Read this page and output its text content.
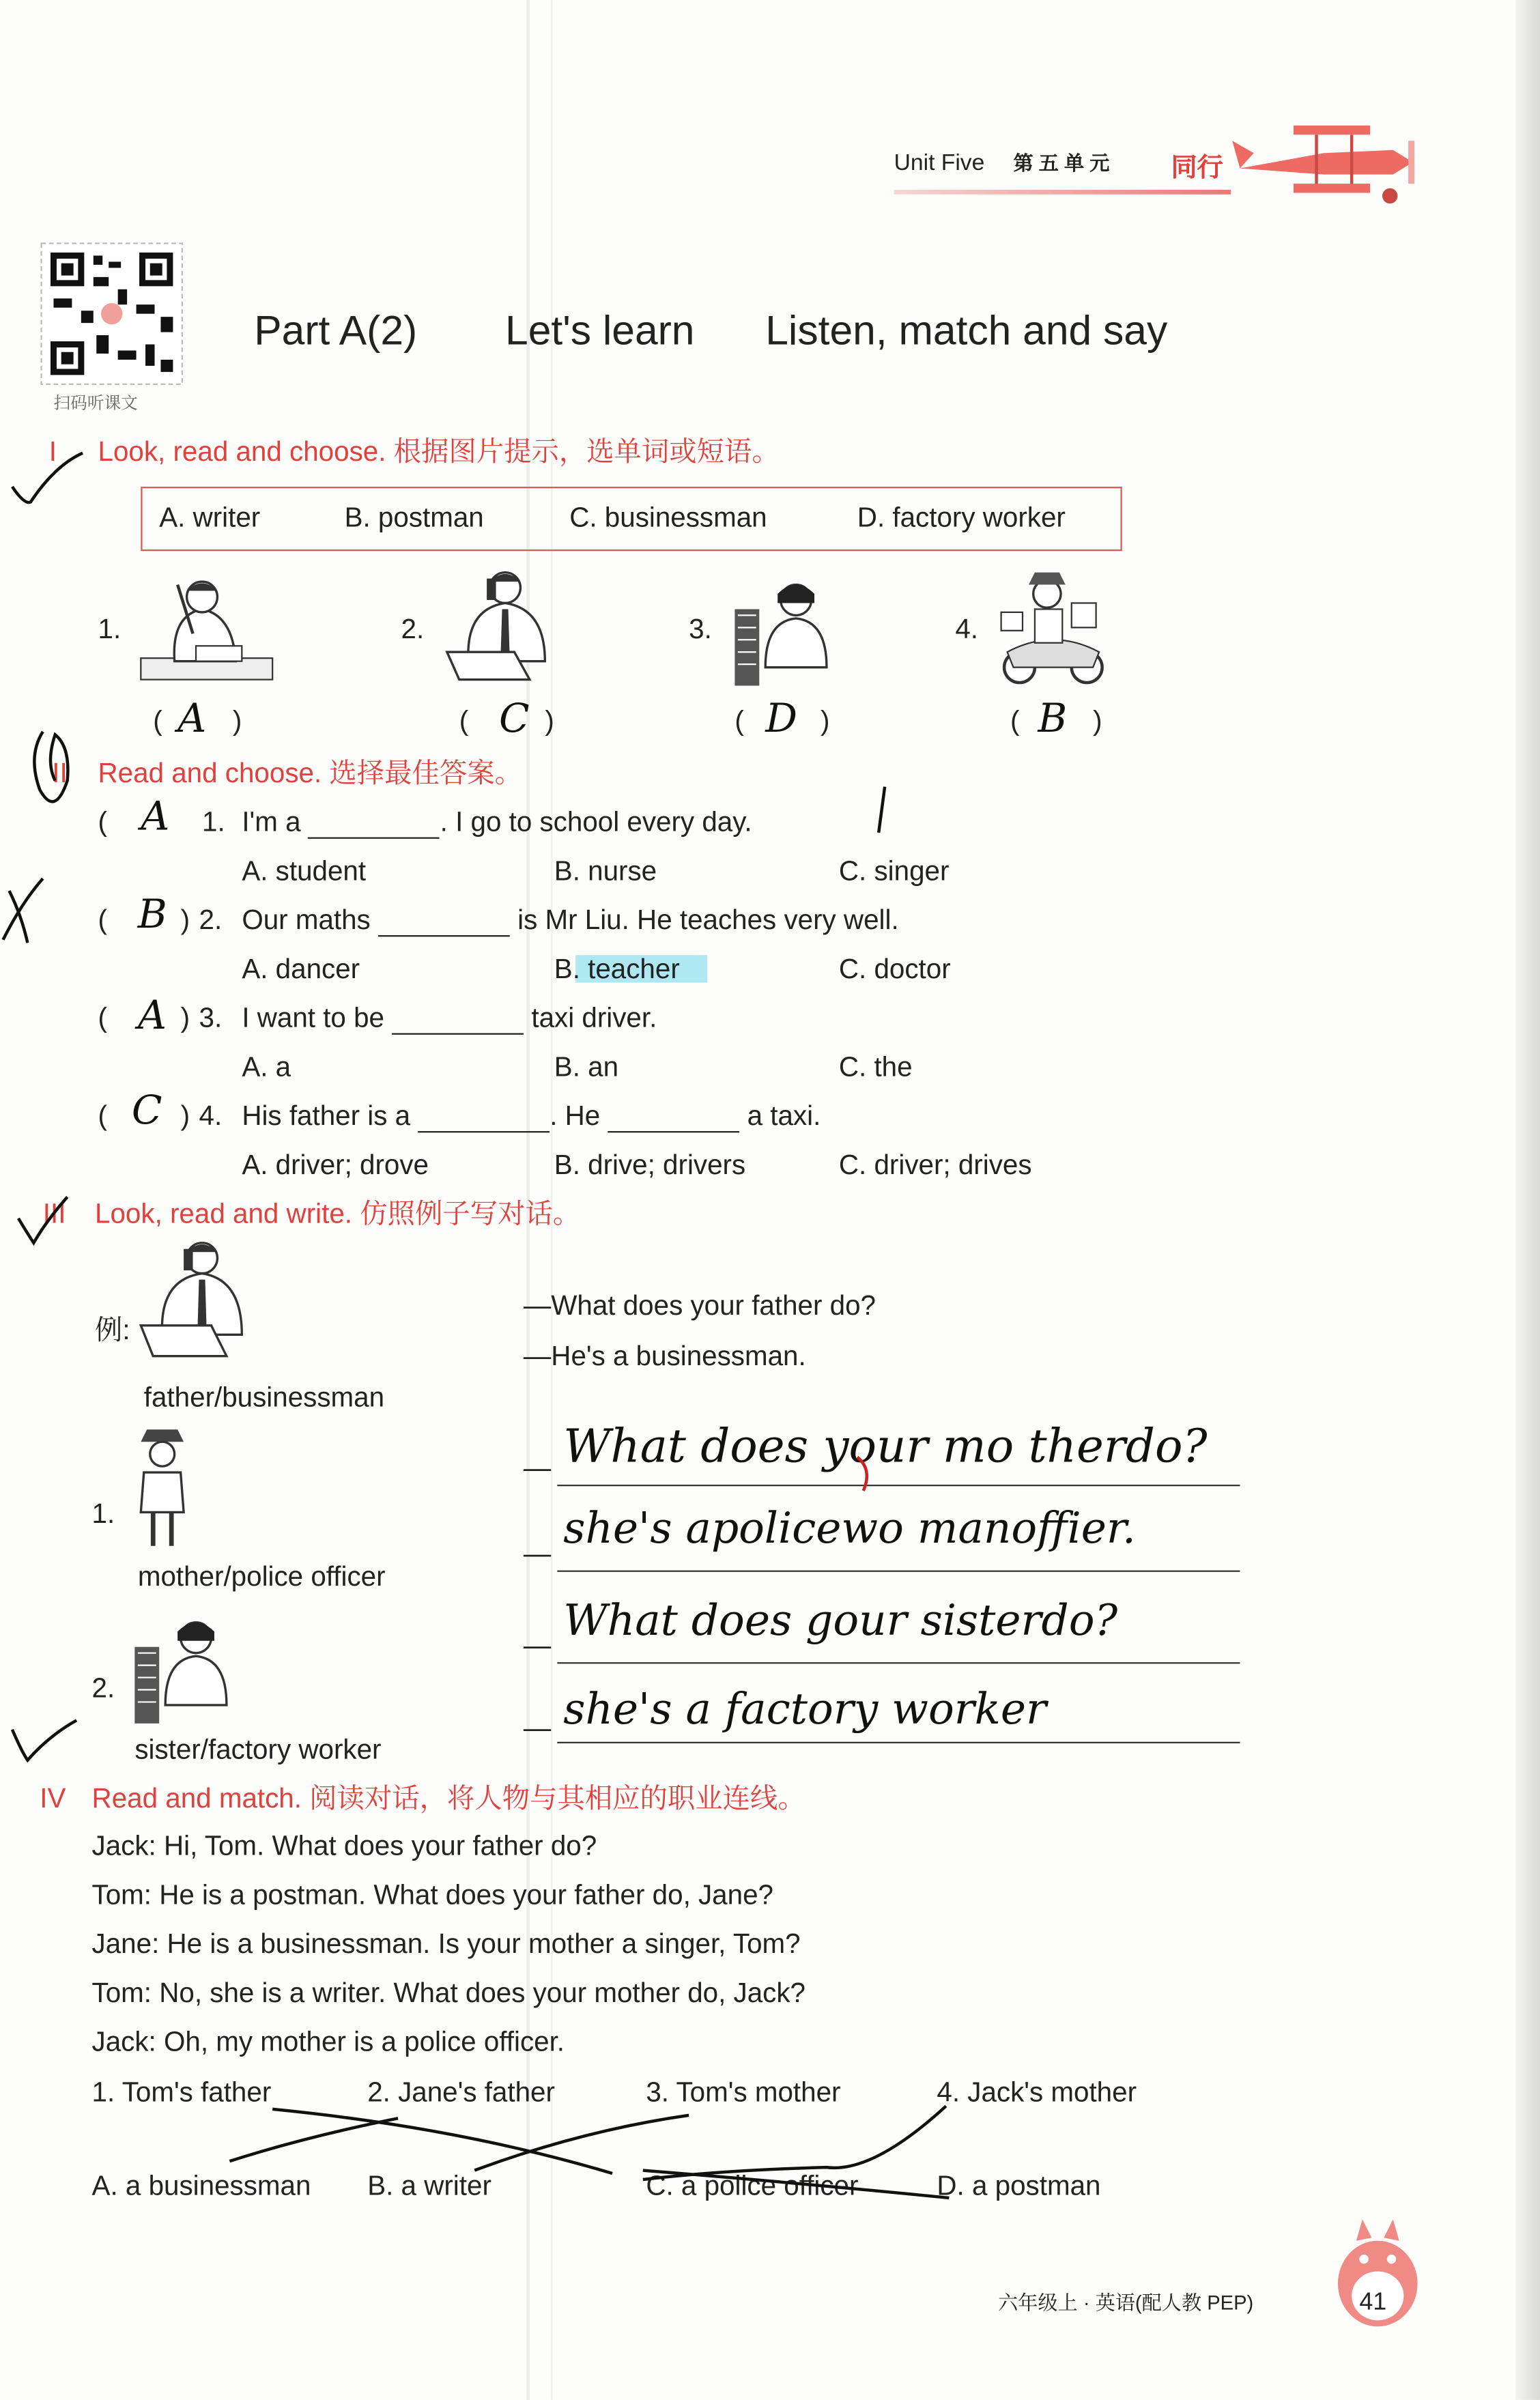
Unit Five	第 五 单 元	同行
扫码听课文
Part A(2)	Let's learn	Listen, match and say
I	Look, read and choose. 根据图片提示，选单词或短语。
A. writer	B. postman	C. businessman	D. factory worker
1.	2.	3.	4.
( A )	( C )	( D )	( B )
II Read and choose. 选择最佳答案。
( A	1. I'm a	. I go to school every day.
A. student	B. nurse	C. singer
( B ) 2. Our maths	is Mr Liu. He teaches very well.
A. dancer	B. teacher	C. doctor
( A ) 3. I want to be	taxi driver.
A. a	B. an	C. the
( C ) 4. His father is a	. He	a taxi.
A. driver; drove	B. drive; drivers	C. driver; drives
III Look, read and write. 仿照例子写对话。
例:
—What does your father do?
—He's a businessman.
father/businessman
1.
mother/police officer
2.
sister/factory worker
— What does your mo therdo?
— she's apolicewo manoffier.
— What does gour sisterdo?
— she's a factory worker
IV Read and match. 阅读对话，将人物与其相应的职业连线。
Jack: Hi, Tom. What does your father do?
Tom: He is a postman. What does your father do, Jane?
Jane: He is a businessman. Is your mother a singer, Tom?
Tom: No, she is a writer. What does your mother do, Jack?
Jack: Oh, my mother is a police officer.
1. Tom's father	2. Jane's father	3. Tom's mother	4. Jack's mother
A. a businessman	B. a writer	C. a police officer	D. a postman
六年级上 · 英语(配人教 PEP)	41
